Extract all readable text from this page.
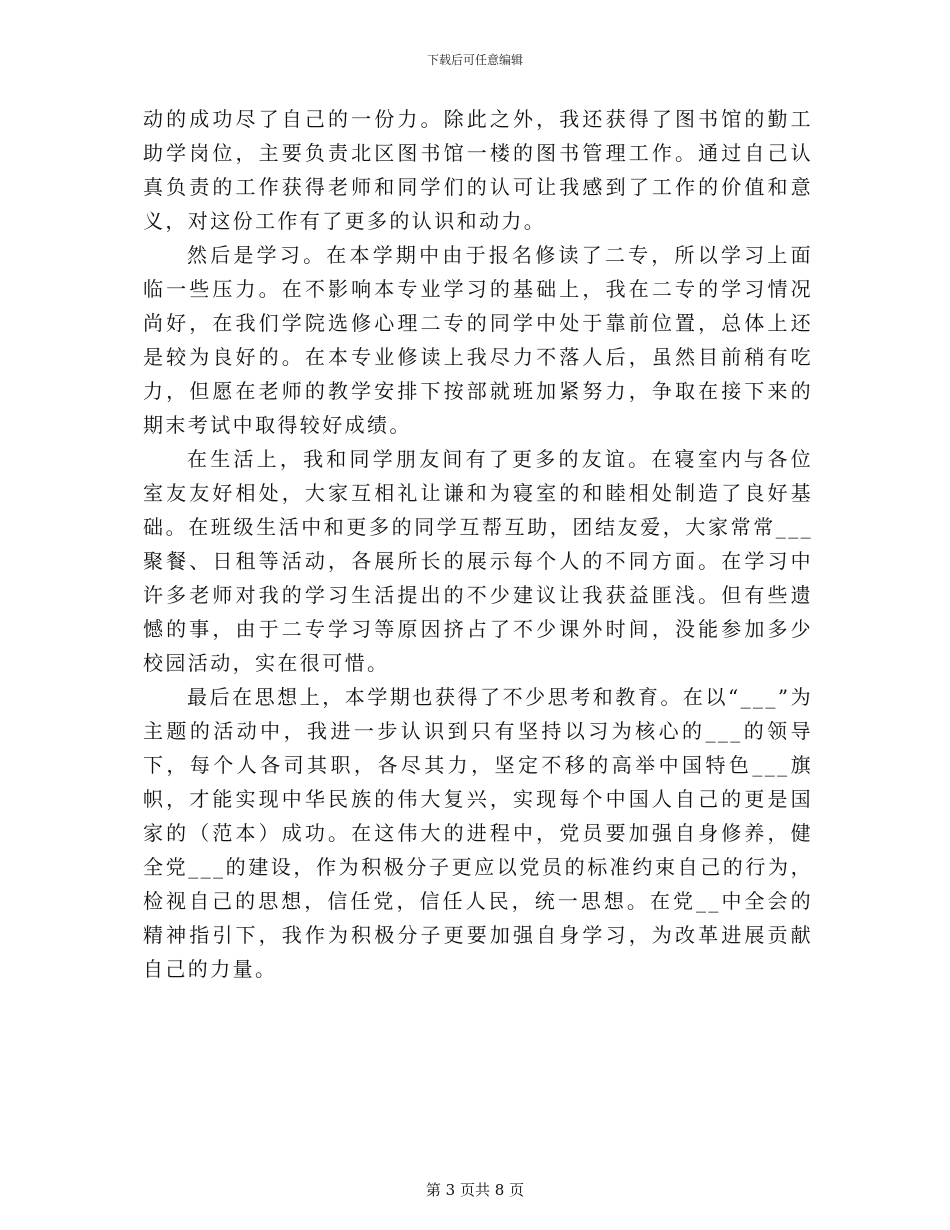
下载后可任意编辑

动的成功尽了自己的一份力。除此之外，我还获得了图书馆的勤工助学岗位，主要负责北区图书馆一楼的图书管理工作。通过自己认真负责的工作获得老师和同学们的认可让我感到了工作的价值和意义，对这份工作有了更多的认识和动力。

然后是学习。在本学期中由于报名修读了二专，所以学习上面临一些压力。在不影响本专业学习的基础上，我在二专的学习情况尚好，在我们学院选修心理二专的同学中处于靠前位置，总体上还是较为良好的。在本专业修读上我尽力不落人后，虽然目前稍有吃力，但愿在老师的教学安排下按部就班加紧努力，争取在接下来的期末考试中取得较好成绩。

在生活上，我和同学朋友间有了更多的友谊。在寝室内与各位室友友好相处，大家互相礼让谦和为寝室的和睦相处制造了良好基础。在班级生活中和更多的同学互帮互助，团结友爱，大家常常___聚餐、日租等活动，各展所长的展示每个人的不同方面。在学习中许多老师对我的学习生活提出的不少建议让我获益匪浅。但有些遗憾的事，由于二专学习等原因挤占了不少课外时间，没能参加多少校园活动，实在很可惜。

最后在思想上，本学期也获得了不少思考和教育。在以“___”为主题的活动中，我进一步认识到只有坚持以习为核心的___的领导下，每个人各司其职，各尽其力，坚定不移的高举中国特色___旗帜，才能实现中华民族的伟大复兴，实现每个中国人自己的更是国家的（范本）成功。在这伟大的进程中，党员要加强自身修养，健全党___的建设，作为积极分子更应以党员的标准约束自己的行为，检视自己的思想，信任党，信任人民，统一思想。在党__中全会的精神指引下，我作为积极分子更要加强自身学习，为改革进展贡献自己的力量。

第 3 页共 8 页
